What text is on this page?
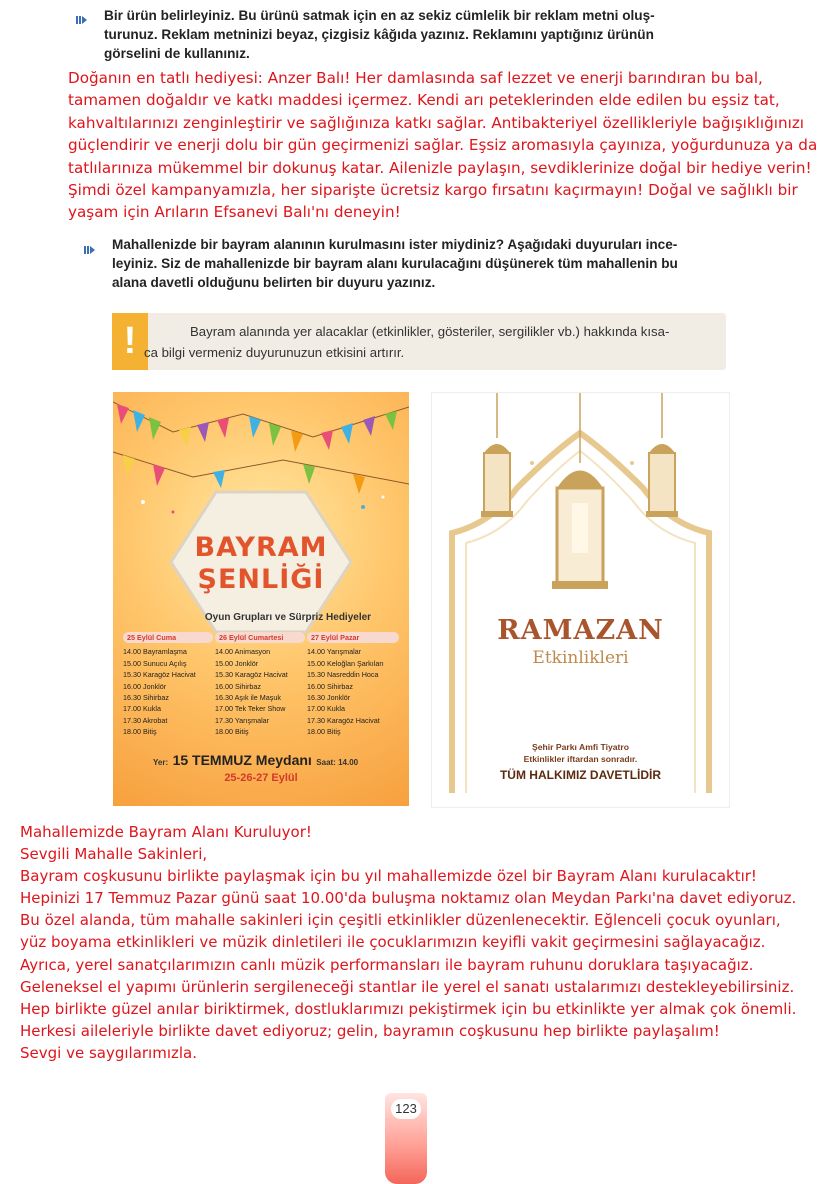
Bir ürün belirleyiniz. Bu ürünü satmak için en az sekiz cümlelik bir reklam metni oluş-
turunuz. Reklam metninizi beyaz, çizgisiz kâğıda yazınız. Reklamını yaptığınız ürünün
görselini de kullanınız.
Doğanın en tatlı hediyesi: Anzer Balı! Her damlasında saf lezzet ve enerji barındıran bu bal,
tamamen doğaldır ve katkı maddesi içermez. Kendi arı peteklerinden elde edilen bu eşsiz tat,
kahvaltılarınızı zenginleştirir ve sağlığınıza katkı sağlar. Antibakteriyel özellikleriyle bağışıklığınızı
güçlendirir ve enerji dolu bir gün geçirmenizi sağlar. Eşsiz aromasıyla çayınıza, yoğurdunuza ya da
tatlılarınıza mükemmel bir dokunuş katar. Ailenizle paylaşın, sevdiklerinize doğal bir hediye verin!
Şimdi özel kampanyamızla, her siparişte ücretsiz kargo fırsatını kaçırmayın! Doğal ve sağlıklı bir
yaşam için Arıların Efsanevi Balı'nı deneyin!
Mahallenizde bir bayram alanının kurulmasını ister miydiniz? Aşağıdaki duyuruları ince-
leyiniz. Siz de mahallenizde bir bayram alanı kurulacağını düşünerek tüm mahallenin bu
alana davetli olduğunu belirten bir duyuru yazınız.
!	Bayram alanında yer alacaklar (etkinlikler, gösteriler, sergilikler vb.) hakkında kısa-
ca bilgi vermeniz duyurunuzun etkisini artırır.
BAYRAM
ŞENLİĞİ
Oyun Grupları ve Sürpriz Hediyeler
25 Eylül Cuma
14.00 Bayramlaşma
15.00 Sunucu Açılış
15.30 Karagöz Hacivat
16.00 Jonklör
16.30 Sihirbaz
17.00 Kukla
17.30 Akrobat
18.00 Bitiş
26 Eylül Cumartesi
14.00 Animasyon
15.00 Jonklör
15.30 Karagöz Hacivat
16.00 Sihirbaz
16.30 Aşık ile Maşuk
17.00 Tek Teker Show
17.30 Yarışmalar
18.00 Bitiş
27 Eylül Pazar
14.00 Yarışmalar
15.00 Keloğlan Şarkıları
15.30 Nasreddin Hoca
16.00 Sihirbaz
16.30 Jonklör
17.00 Kukla
17.30 Karagöz Hacivat
18.00 Bitiş
Yer: 15 TEMMUZ Meydanı Saat: 14.00
25-26-27 Eylül
RAMAZAN
Etkinlikleri
Şehir Parkı Amfi Tiyatro
Etkinlikler iftardan sonradır.
TÜM HALKIMIZ DAVETLİDİR
Mahallemizde Bayram Alanı Kuruluyor!
Sevgili Mahalle Sakinleri,
Bayram coşkusunu birlikte paylaşmak için bu yıl mahallemizde özel bir Bayram Alanı kurulacaktır!
Hepinizi 17 Temmuz Pazar günü saat 10.00'da buluşma noktamız olan Meydan Parkı'na davet ediyoruz.
Bu özel alanda, tüm mahalle sakinleri için çeşitli etkinlikler düzenlenecektir. Eğlenceli çocuk oyunları,
yüz boyama etkinlikleri ve müzik dinletileri ile çocuklarımızın keyifli vakit geçirmesini sağlayacağız.
Ayrıca, yerel sanatçılarımızın canlı müzik performansları ile bayram ruhunu doruklara taşıyacağız.
Geleneksel el yapımı ürünlerin sergileneceği stantlar ile yerel el sanatı ustalarımızı destekleyebilirsiniz.
Hep birlikte güzel anılar biriktirmek, dostluklarımızı pekiştirmek için bu etkinlikte yer almak çok önemli.
Herkesi aileleriyle birlikte davet ediyoruz; gelin, bayramın coşkusunu hep birlikte paylaşalım!
Sevgi ve saygılarımızla.
123
